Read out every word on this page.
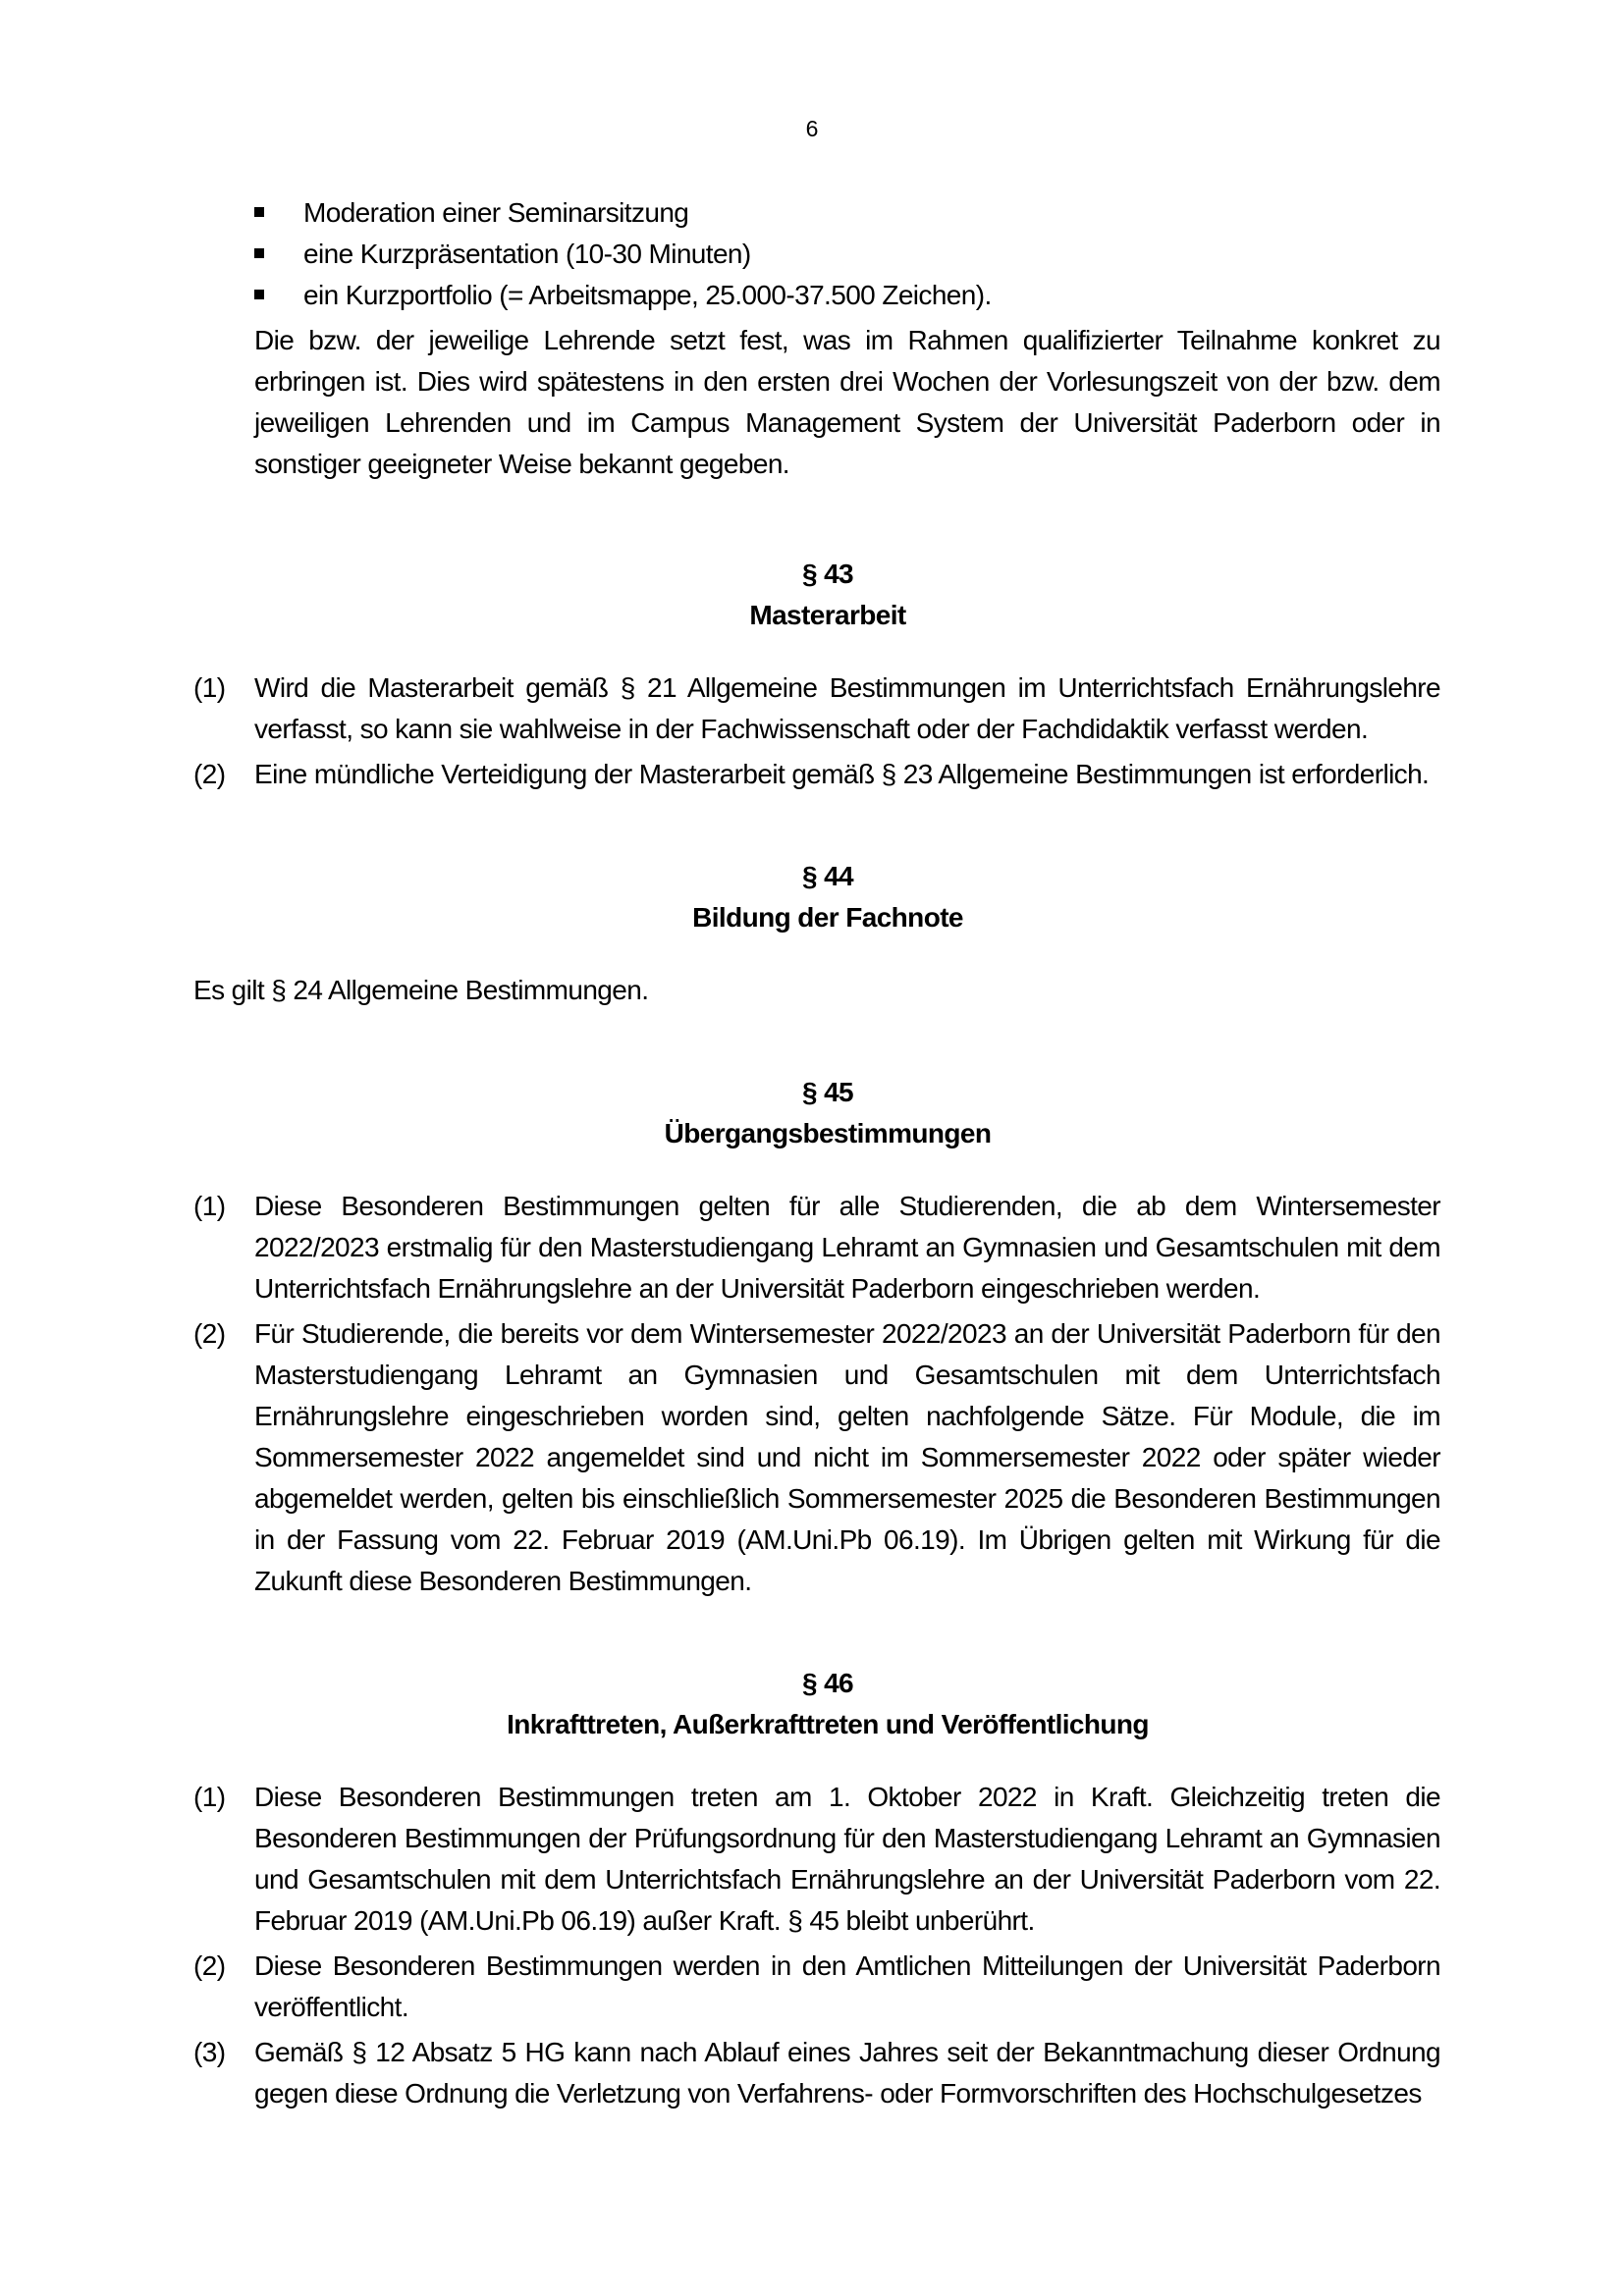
6
Moderation einer Seminarsitzung
eine Kurzpräsentation (10-30 Minuten)
ein Kurzportfolio (= Arbeitsmappe, 25.000-37.500 Zeichen).

Die bzw. der jeweilige Lehrende setzt fest, was im Rahmen qualifizierter Teilnahme konkret zu erbringen ist. Dies wird spätestens in den ersten drei Wochen der Vorlesungszeit von der bzw. dem jeweiligen Lehrenden und im Campus Management System der Universität Paderborn oder in sonstiger geeigneter Weise bekannt gegeben.

§ 43

Masterarbeit

(1) Wird die Masterarbeit gemäß § 21 Allgemeine Bestimmungen im Unterrichtsfach Ernährungslehre verfasst, so kann sie wahlweise in der Fachwissenschaft oder der Fachdidaktik verfasst werden.
(2) Eine mündliche Verteidigung der Masterarbeit gemäß § 23 Allgemeine Bestimmungen ist erforderlich.

§ 44

Bildung der Fachnote

Es gilt § 24 Allgemeine Bestimmungen.

§ 45

Übergangsbestimmungen

(1) Diese Besonderen Bestimmungen gelten für alle Studierenden, die ab dem Wintersemester 2022/2023 erstmalig für den Masterstudiengang Lehramt an Gymnasien und Gesamtschulen mit dem Unterrichtsfach Ernährungslehre an der Universität Paderborn eingeschrieben werden.
(2) Für Studierende, die bereits vor dem Wintersemester 2022/2023 an der Universität Paderborn für den Masterstudiengang Lehramt an Gymnasien und Gesamtschulen mit dem Unterrichtsfach Ernährungslehre eingeschrieben worden sind, gelten nachfolgende Sätze. Für Module, die im Sommersemester 2022 angemeldet sind und nicht im Sommersemester 2022 oder später wieder abgemeldet werden, gelten bis einschließlich Sommersemester 2025 die Besonderen Bestimmungen in der Fassung vom 22. Februar 2019 (AM.Uni.Pb 06.19). Im Übrigen gelten mit Wirkung für die Zukunft diese Besonderen Bestimmungen.

§ 46

Inkrafttreten, Außerkrafttreten und Veröffentlichung

(1) Diese Besonderen Bestimmungen treten am 1. Oktober 2022 in Kraft. Gleichzeitig treten die Besonderen Bestimmungen der Prüfungsordnung für den Masterstudiengang Lehramt an Gymnasien und Gesamtschulen mit dem Unterrichtsfach Ernährungslehre an der Universität Paderborn vom 22. Februar 2019 (AM.Uni.Pb 06.19) außer Kraft. § 45 bleibt unberührt.
(2) Diese Besonderen Bestimmungen werden in den Amtlichen Mitteilungen der Universität Paderborn veröffentlicht.
(3) Gemäß § 12 Absatz 5 HG kann nach Ablauf eines Jahres seit der Bekanntmachung dieser Ordnung gegen diese Ordnung die Verletzung von Verfahrens- oder Formvorschriften des Hochschulgesetzes
